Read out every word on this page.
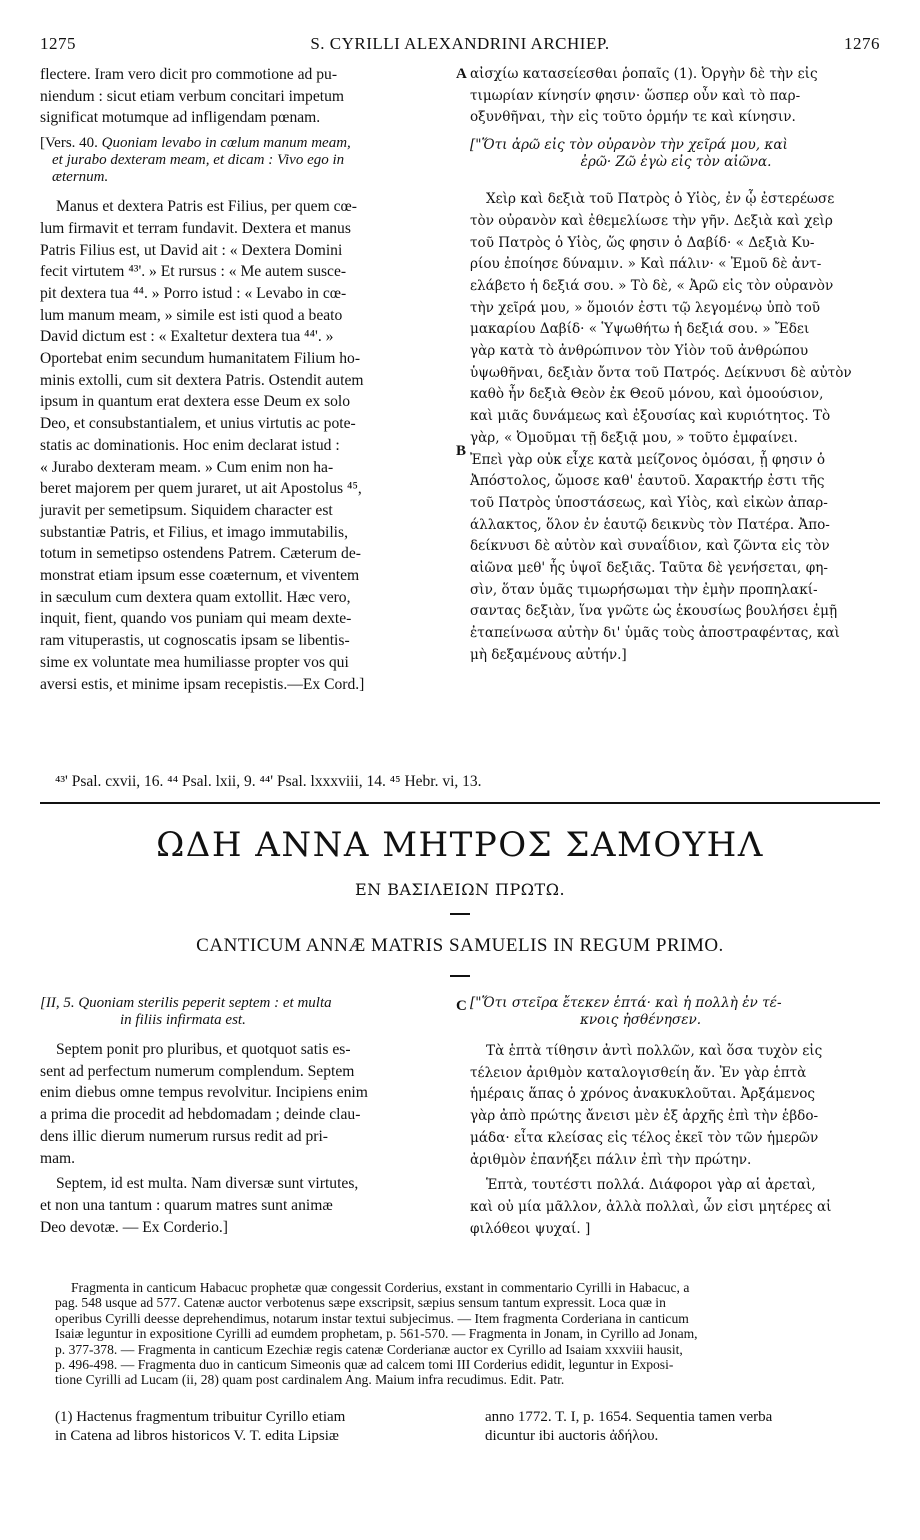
1275	S. CYRILLI ALEXANDRINI ARCHIEP.	1276
flectere. Iram vero dicit pro commotione ad pu-
niendum : sicut etiam verbum concitari impetum
significat motumque ad infligendam pœnam.
[Vers. 40. Quoniam levabo in cœlum manum meam,
et jurabo dexteram meam, et dicam : Vivo ego in
æternum.
Manus et dextera Patris est Filius, per quem cœ-
lum firmavit et terram fundavit. Dextera et manus
Patris Filius est, ut David ait : « Dextera Domini
fecit virtutem ⁴³'. » Et rursus : « Me autem susce-
pit dextera tua ⁴⁴. » Porro istud : « Levabo in cœ-
lum manum meam, » simile est isti quod a beato
David dictum est : « Exaltetur dextera tua ⁴⁴'. »
Oportebat enim secundum humanitatem Filium ho-
minis extolli, cum sit dextera Patris. Ostendit autem
ipsum in quantum erat dextera esse Deum ex solo
Deo, et consubstantialem, et unius virtutis ac pote-
statis ac dominationis. Hoc enim declarat istud :
« Jurabo dexteram meam. » Cum enim non ha-
beret majorem per quem juraret, ut ait Apostolus ⁴⁵,
juravit per semetipsum. Siquidem character est
substantiæ Patris, et Filius, et imago immutabilis,
totum in semetipso ostendens Patrem. Cæterum de-
monstrat etiam ipsum esse coæternum, et viventem
in sæculum cum dextera quam extollit. Hæc vero,
inquit, fient, quando vos puniam qui meam dexte-
ram vituperastis, ut cognoscatis ipsam se libentis-
sime ex voluntate mea humiliasse propter vos qui
aversi estis, et minime ipsam recepistis.—Ex Cord.]
A
B
C
αἰσχίω κατασείεσθαι ῥοπαῖς (1). Ὀργὴν δὲ τὴν εἰς
τιμωρίαν κίνησίν φησιν· ὥσπερ οὖν καὶ τὸ παρ-
οξυνθῆναι, τὴν εἰς τοῦτο ὁρμήν τε καὶ κίνησιν.
["Ὅτι ἀρῶ εἰς τὸν οὐρανὸν τὴν χεῖρά μου, καὶ
ἐρῶ· Ζῶ ἐγὼ εἰς τὸν αἰῶνα.
Χεὶρ καὶ δεξιὰ τοῦ Πατρὸς ὁ Υἱὸς, ἐν ᾧ ἐστερέωσε
τὸν οὐρανὸν καὶ ἐθεμελίωσε τὴν γῆν. Δεξιὰ καὶ χεὶρ
τοῦ Πατρὸς ὁ Υἱὸς, ὥς φησιν ὁ Δαβίδ· « Δεξιὰ Κυ-
ρίου ἐποίησε δύναμιν. » Καὶ πάλιν· « Ἐμοῦ δὲ ἀντ-
ελάβετο ἡ δεξιά σου. » Τὸ δὲ, « Ἀρῶ εἰς τὸν οὐρανὸν
τὴν χεῖρά μου, » ὅμοιόν ἐστι τῷ λεγομένῳ ὑπὸ τοῦ
μακαρίου Δαβίδ· « Ὑψωθήτω ἡ δεξιά σου. » Ἔδει
γὰρ κατὰ τὸ ἀνθρώπινον τὸν Υἱὸν τοῦ ἀνθρώπου
ὑψωθῆναι, δεξιὰν ὄντα τοῦ Πατρός. Δείκνυσι δὲ αὐτὸν
καθὸ ἦν δεξιὰ Θεὸν ἐκ Θεοῦ μόνου, καὶ ὁμοούσιον,
καὶ μιᾶς δυνάμεως καὶ ἐξουσίας καὶ κυριότητος. Τὸ
γὰρ, « Ὀμοῦμαι τῇ δεξιᾷ μου, » τοῦτο ἐμφαίνει.
Ἐπεὶ γὰρ οὐκ εἶχε κατὰ μείζονος ὀμόσαι, ᾗ φησιν ὁ
Ἀπόστολος, ὤμοσε καθ' ἑαυτοῦ. Χαρακτήρ ἐστι τῆς
τοῦ Πατρὸς ὑποστάσεως, καὶ Υἱὸς, καὶ εἰκὼν ἀπαρ-
άλλακτος, ὅλον ἐν ἑαυτῷ δεικνὺς τὸν Πατέρα. Ἀπο-
δείκνυσι δὲ αὐτὸν καὶ συναΐδιον, καὶ ζῶντα εἰς τὸν
αἰῶνα μεθ' ἧς ὑψοῖ δεξιᾶς. Ταῦτα δὲ γενήσεται, φη-
σὶν, ὅταν ὑμᾶς τιμωρήσωμαι τὴν ἐμὴν προπηλακί-
σαντας δεξιὰν, ἵνα γνῶτε ὡς ἑκουσίως βουλήσει ἐμῇ
ἐταπείνωσα αὐτὴν δι' ὑμᾶς τοὺς ἀποστραφέντας, καὶ
μὴ δεξαμένους αὐτήν.]
⁴³' Psal. cxvii, 16. ⁴⁴ Psal. lxii, 9. ⁴⁴' Psal. lxxxviii, 14. ⁴⁵ Hebr. vi, 13.
ΩΔΗ ΑΝΝΑ ΜΗΤΡΟΣ ΣΑΜΟΥΗΛ
ΕΝ ΒΑΣΙΛΕΙΩΝ ΠΡΩΤΩ.
CANTICUM ANNÆ MATRIS SAMUELIS IN REGUM PRIMO.
[II, 5. Quoniam sterilis peperit septem : et multa
in filiis infirmata est.
Septem ponit pro pluribus, et quotquot satis es-
sent ad perfectum numerum complendum. Septem
enim diebus omne tempus revolvitur. Incipiens enim
a prima die procedit ad hebdomadam ; deinde clau-
dens illic dierum numerum rursus redit ad pri-
mam.
Septem, id est multa. Nam diversæ sunt virtutes,
et non una tantum : quarum matres sunt animæ
Deo devotæ. — Ex Corderio.]
["Ὅτι στεῖρα ἔτεκεν ἑπτά· καὶ ἡ πολλὴ ἐν τέ-
κνοις ἠσθένησεν.
Τὰ ἑπτὰ τίθησιν ἀντὶ πολλῶν, καὶ ὅσα τυχὸν εἰς
τέλειον ἀριθμὸν καταλογισθείη ἄν. Ἐν γὰρ ἑπτὰ
ἡμέραις ἅπας ὁ χρόνος ἀνακυκλοῦται. Ἀρξάμενος
γὰρ ἀπὸ πρώτης ἄνεισι μὲν ἐξ ἀρχῆς ἐπὶ τὴν ἑβδο-
μάδα· εἶτα κλείσας εἰς τέλος ἐκεῖ τὸν τῶν ἡμερῶν
ἀριθμὸν ἐπανήξει πάλιν ἐπὶ τὴν πρώτην.
Ἑπτὰ, τουτέστι πολλά. Διάφοροι γὰρ αἱ ἀρεταὶ,
καὶ οὐ μία μᾶλλον, ἀλλὰ πολλαὶ, ὧν εἰσι μητέρες αἱ
φιλόθεοι ψυχαί. ]
Fragmenta in canticum Habacuc prophetæ quæ congessit Corderius, exstant in commentario Cyrilli in Habacuc, a
pag. 548 usque ad 577. Catenæ auctor verbotenus sæpe exscripsit, sæpius sensum tantum expressit. Loca quæ in
operibus Cyrilli deesse deprehendimus, notarum instar textui subjecimus. — Item fragmenta Corderiana in canticum
Isaiæ leguntur in expositione Cyrilli ad eumdem prophetam, p. 561-570. — Fragmenta in Jonam, in Cyrillo ad Jonam,
p. 377-378. — Fragmenta in canticum Ezechiæ regis catenæ Corderianæ auctor ex Cyrillo ad Isaiam xxxviii hausit,
p. 496-498. — Fragmenta duo in canticum Simeonis quæ ad calcem tomi III Corderius edidit, leguntur in Exposi-
tione Cyrilli ad Lucam (ii, 28) quam post cardinalem Ang. Maium infra recudimus. Edit. Patr.
(1) Hactenus fragmentum tribuitur Cyrillo etiam
in Catena ad libros historicos V. T. edita Lipsiæ
anno 1772. T. I, p. 1654. Sequentia tamen verba
dicuntur ibi auctoris ἀδήλου.
